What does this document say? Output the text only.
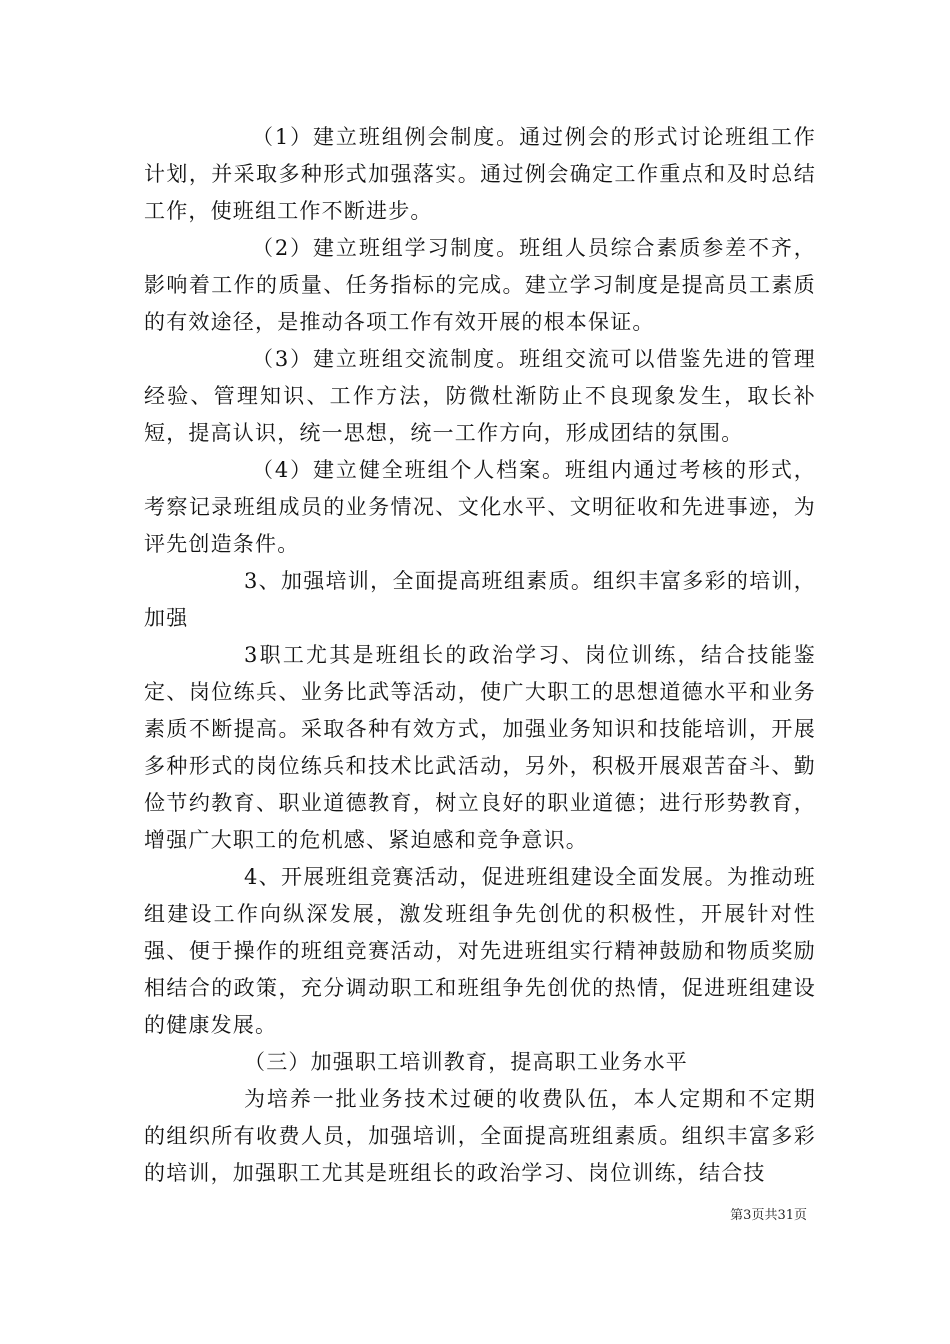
（1）建立班组例会制度。通过例会的形式讨论班组工作计划，并采取多种形式加强落实。通过例会确定工作重点和及时总结工作，使班组工作不断进步。

（2）建立班组学习制度。班组人员综合素质参差不齐，影响着工作的质量、任务指标的完成。建立学习制度是提高员工素质的有效途径，是推动各项工作有效开展的根本保证。

（3）建立班组交流制度。班组交流可以借鉴先进的管理经验、管理知识、工作方法，防微杜渐防止不良现象发生，取长补短，提高认识，统一思想，统一工作方向，形成团结的氛围。

（4）建立健全班组个人档案。班组内通过考核的形式，考察记录班组成员的业务情况、文化水平、文明征收和先进事迹，为评先创造条件。

3、加强培训，全面提高班组素质。组织丰富多彩的培训，加强

3职工尤其是班组长的政治学习、岗位训练，结合技能鉴定、岗位练兵、业务比武等活动，使广大职工的思想道德水平和业务素质不断提高。采取各种有效方式，加强业务知识和技能培训，开展多种形式的岗位练兵和技术比武活动，另外，积极开展艰苦奋斗、勤俭节约教育、职业道德教育，树立良好的职业道德；进行形势教育，增强广大职工的危机感、紧迫感和竞争意识。

4、开展班组竞赛活动，促进班组建设全面发展。为推动班组建设工作向纵深发展，激发班组争先创优的积极性，开展针对性强、便于操作的班组竞赛活动，对先进班组实行精神鼓励和物质奖励相结合的政策，充分调动职工和班组争先创优的热情，促进班组建设的健康发展。

（三）加强职工培训教育，提高职工业务水平

为培养一批业务技术过硬的收费队伍，本人定期和不定期的组织所有收费人员，加强培训，全面提高班组素质。组织丰富多彩的培训，加强职工尤其是班组长的政治学习、岗位训练，结合技

第3页共31页
